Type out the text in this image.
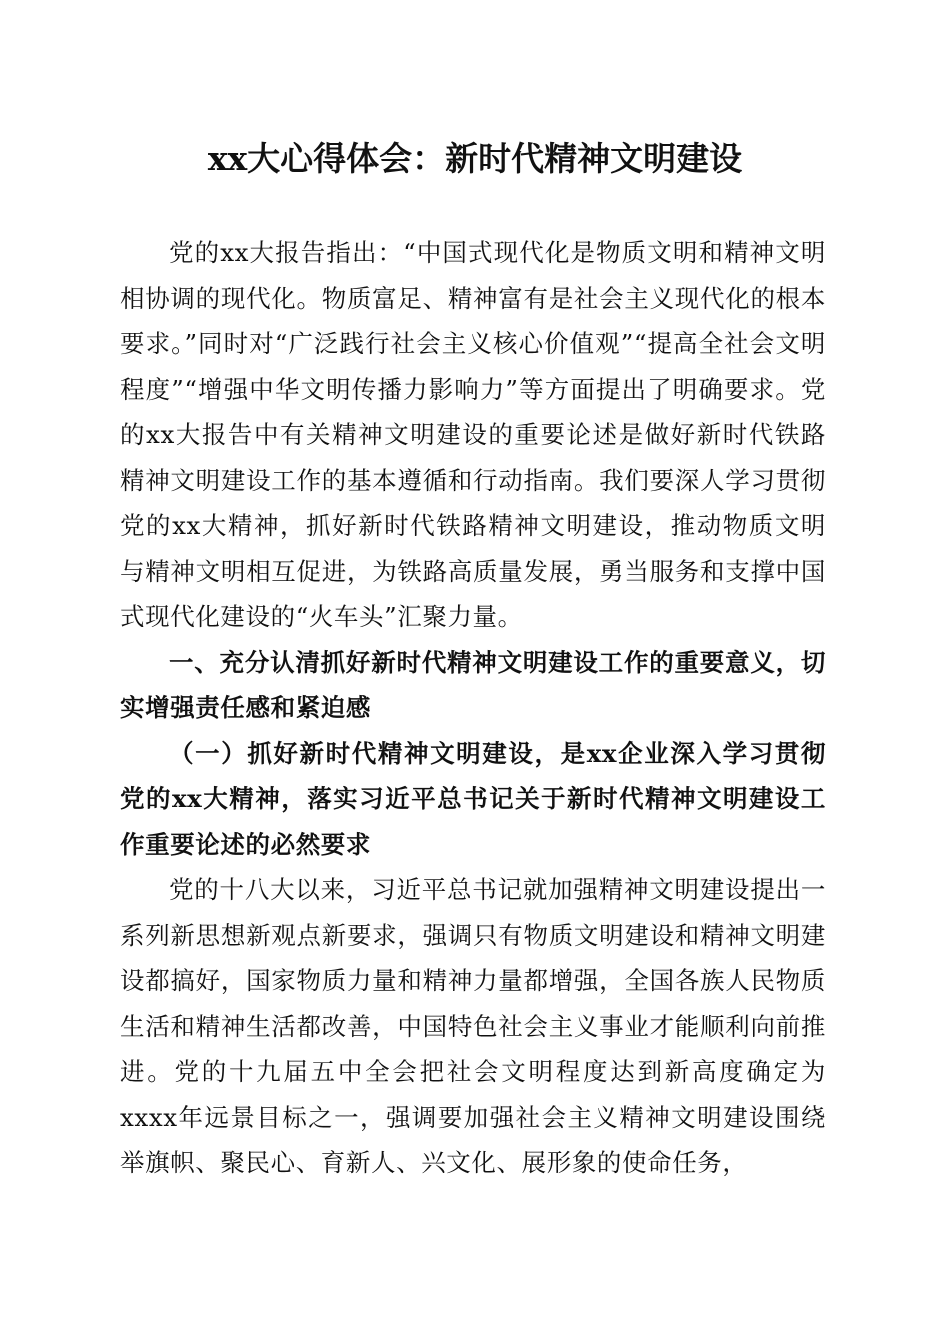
xx大心得体会：新时代精神文明建设

党的xx大报告指出：“中国式现代化是物质文明和精神文明相协调的现代化。物质富足、精神富有是社会主义现代化的根本要求。”同时对“广泛践行社会主义核心价值观”“提高全社会文明程度”“增强中华文明传播力影响力”等方面提出了明确要求。党的xx大报告中有关精神文明建设的重要论述是做好新时代铁路精神文明建设工作的基本遵循和行动指南。我们要深人学习贯彻党的xx大精神，抓好新时代铁路精神文明建设，推动物质文明与精神文明相互促进，为铁路高质量发展，勇当服务和支撑中国式现代化建设的“火车头”汇聚力量。

一、充分认清抓好新时代精神文明建设工作的重要意义，切实增强责任感和紧迫感

（一）抓好新时代精神文明建设，是xx企业深入学习贯彻党的xx大精神，落实习近平总书记关于新时代精神文明建设工作重要论述的必然要求

党的十八大以来，习近平总书记就加强精神文明建设提出一系列新思想新观点新要求，强调只有物质文明建设和精神文明建设都搞好，国家物质力量和精神力量都增强，全国各族人民物质生活和精神生活都改善，中国特色社会主义事业才能顺利向前推进。党的十九届五中全会把社会文明程度达到新高度确定为xxxx年远景目标之一，强调要加强社会主义精神文明建设围绕举旗帜、聚民心、育新人、兴文化、展形象的使命任务，
